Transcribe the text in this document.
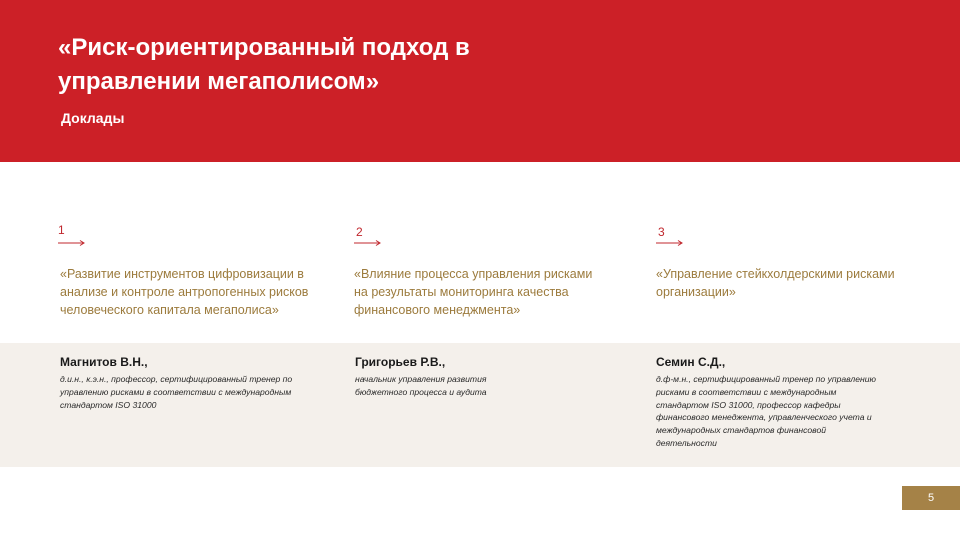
«Риск-ориентированный подход в управлении мегаполисом»
Доклады
1
«Развитие инструментов цифровизации в анализе и контроле антропогенных рисков человеческого капитала мегаполиса»
Магнитов В.Н.,
д.и.н., к.э.н., профессор, сертифицированный тренер по управлению рисками в соответствии с международным стандартом ISO 31000
2
«Влияние процесса управления рисками на результаты мониторинга качества финансового менеджмента»
Григорьев Р.В.,
начальник управления развития бюджетного процесса и аудита
3
«Управление стейкхолдерскими рисками организации»
Семин С.Д.,
д.ф-м.н., сертифицированный тренер по управлению рисками в соответствии с международным стандартом ISO 31000, профессор кафедры финансового менеджента, управленческого учета и международных стандартов финансовой деятельности
5
